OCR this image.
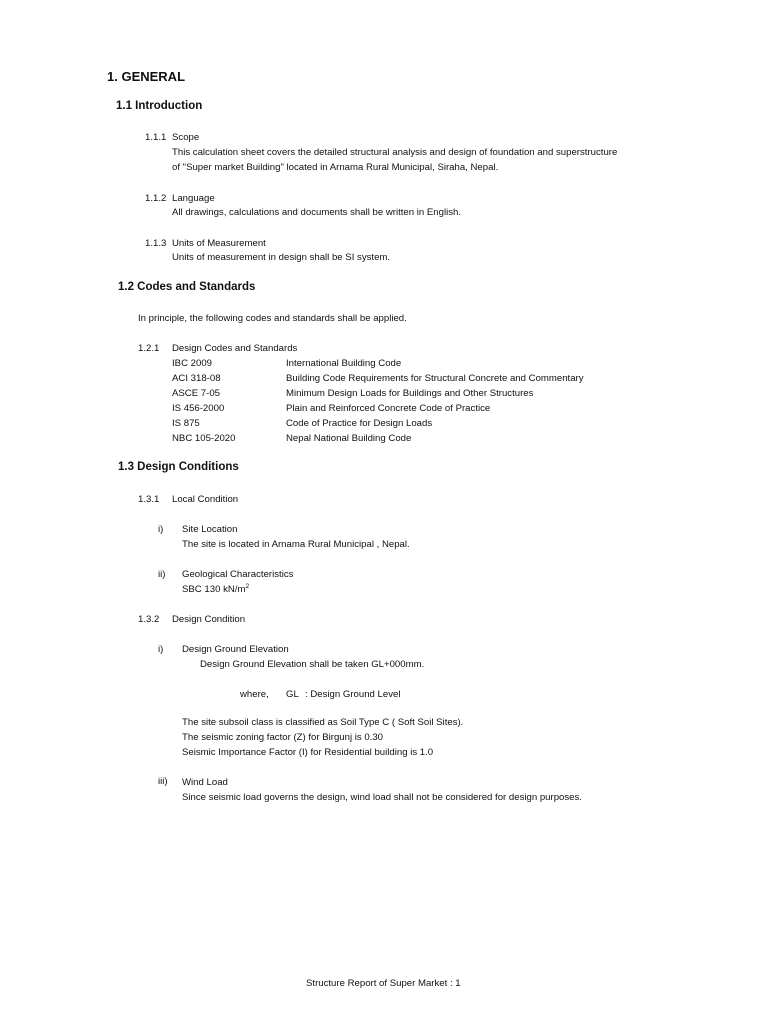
1. GENERAL
1.1 Introduction
1.1.1 Scope
This calculation sheet covers the detailed structural analysis and design of foundation and superstructure
of "Super market Building" located in Arnama Rural Municipal, Siraha, Nepal.
1.1.2 Language
All drawings, calculations and documents shall be written in English.
1.1.3 Units of Measurement
Units of measurement in design shall be SI system.
1.2 Codes and Standards
In principle, the following codes and standards shall be applied.
1.2.1 Design Codes and Standards
IBC 2009	International Building Code
ACI 318-08	Building Code Requirements for Structural Concrete and Commentary
ASCE 7-05	Minimum Design Loads for Buildings and Other Structures
IS 456-2000	Plain and Reinforced Concrete Code of Practice
IS 875	Code of Practice for Design Loads
NBC 105-2020	Nepal National Building Code
1.3 Design Conditions
1.3.1 Local Condition
i) Site Location
The site is located in Arnama Rural Municipal , Nepal.
ii) Geological Characteristics
SBC 130 $kN/m^2$
1.3.2 Design Condition
i) Design Ground Elevation
Design Ground Elevation shall be taken GL+000mm.
where, GL : Design Ground Level
The site subsoil class is classified as Soil Type C ( Soft Soil Sites).
The seismic zoning factor (Z) for Birgunj is 0.30
Seismic Importance Factor (I) for Residential building is 1.0
iii) Wind Load
Since seismic load governs the design, wind load shall not be considered for design purposes.
Structure Report of Super Market : 1
